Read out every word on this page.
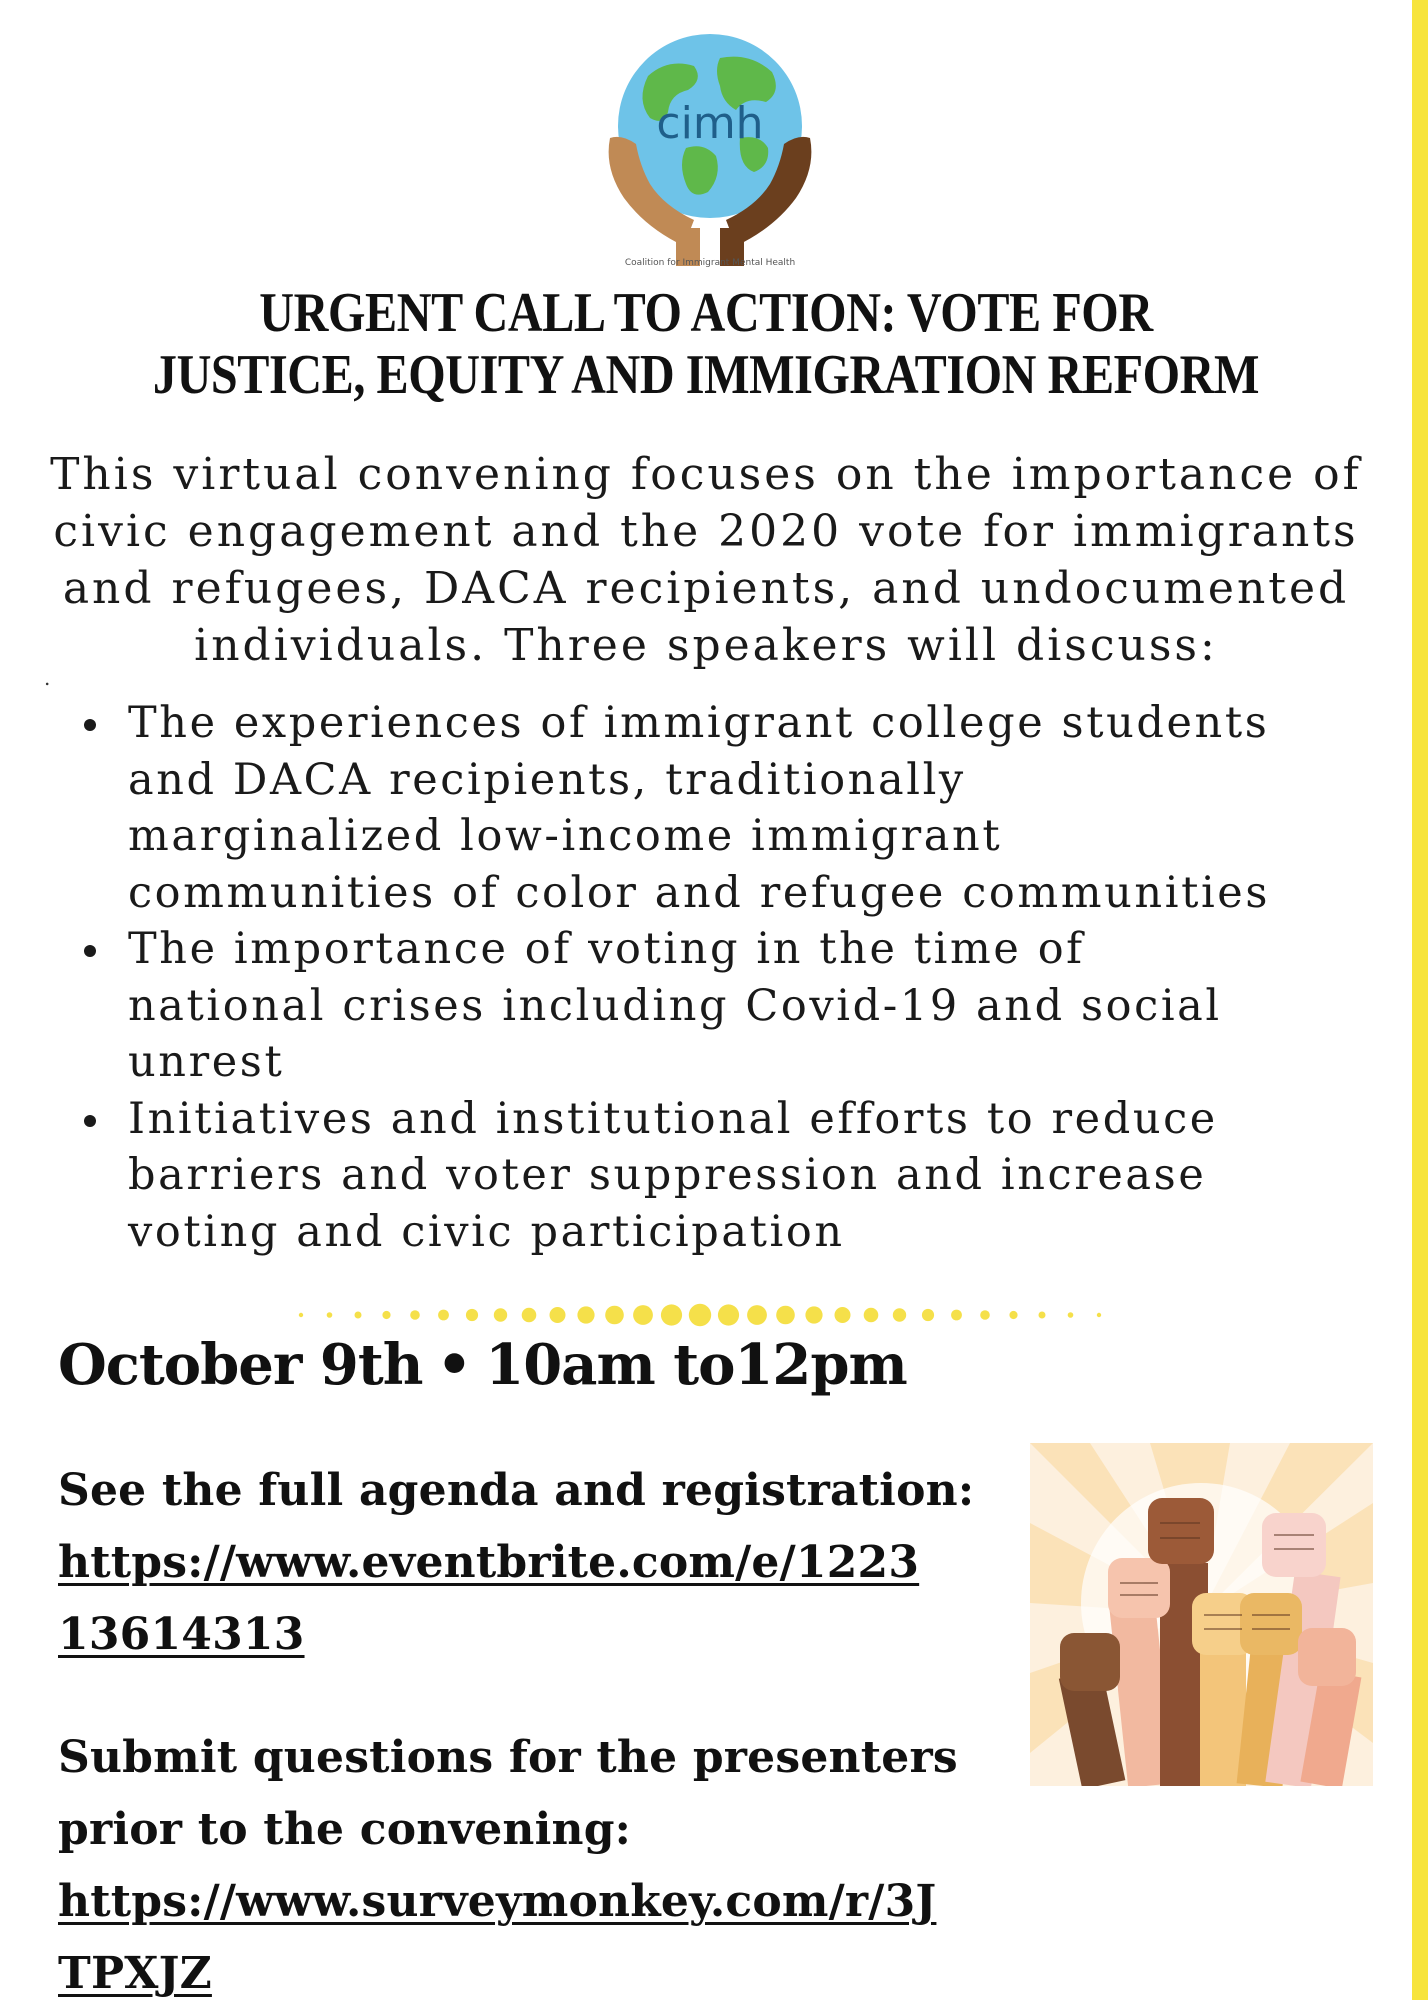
cimh
Coalition for Immigrant Mental Health
URGENT CALL TO ACTION: VOTE FOR
JUSTICE, EQUITY AND IMMIGRATION REFORM

This virtual convening focuses on the importance of
civic engagement and the 2020 vote for immigrants
and refugees, DACA recipients, and undocumented
individuals. Three speakers will discuss:

.
The experiences of immigrant college students
and DACA recipients, traditionally
marginalized low-income immigrant
communities of color and refugee communities
The importance of voting in the time of
national crises including Covid-19 and social
unrest
Initiatives and institutional efforts to reduce
barriers and voter suppression and increase
voting and civic participation

October 9th • 10am to12pm

See the full agenda and registration:
https://www.eventbrite.com/e/1223
13614313
Submit questions for the presenters
prior to the convening:
https://www.surveymonkey.com/r/3J
TPXJZ
